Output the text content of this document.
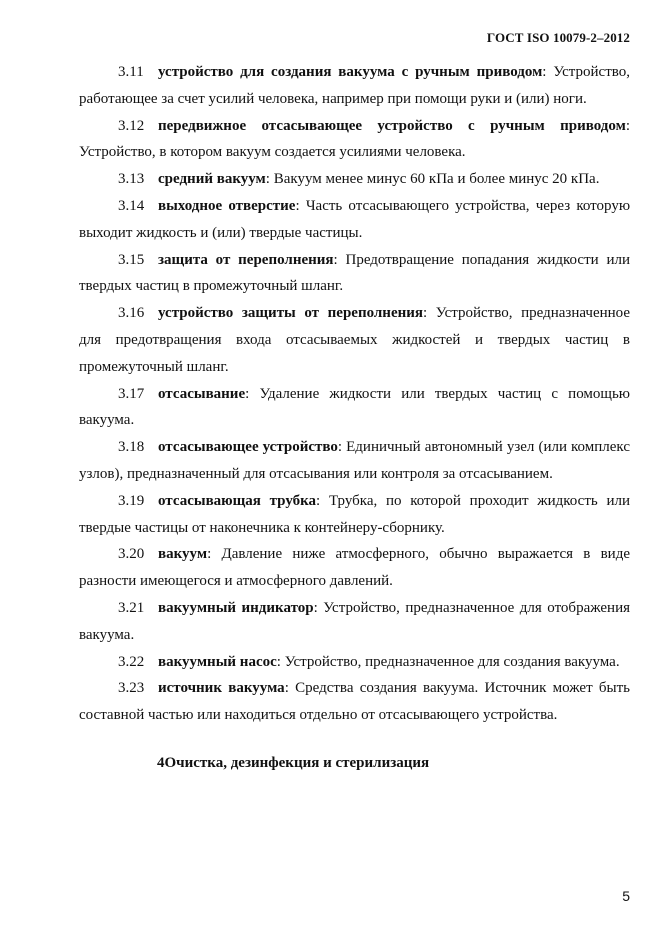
ГОСТ ISO 10079-2–2012

3.11 устройство для создания вакуума с ручным приводом: Устройство, работающее за счет усилий человека, например при помощи руки и (или) ноги.

3.12 передвижное отсасывающее устройство с ручным приводом: Устройство, в котором вакуум создается усилиями человека.

3.13 средний вакуум: Вакуум менее минус 60 кПа и более минус 20 кПа.

3.14 выходное отверстие: Часть отсасывающего устройства, через которую выходит жидкость и (или) твердые частицы.

3.15 защита от переполнения: Предотвращение попадания жидкости или твердых частиц в промежуточный шланг.

3.16 устройство защиты от переполнения: Устройство, предназначенное для предотвращения входа отсасываемых жидкостей и твердых частиц в промежуточный шланг.

3.17 отсасывание: Удаление жидкости или твердых частиц с помощью вакуума.

3.18 отсасывающее устройство: Единичный автономный узел (или комплекс узлов), предназначенный для отсасывания или контроля за отсасыванием.

3.19 отсасывающая трубка: Трубка, по которой проходит жидкость или твердые частицы от наконечника к контейнеру-сборнику.

3.20 вакуум: Давление ниже атмосферного, обычно выражается в виде разности имеющегося и атмосферного давлений.

3.21 вакуумный индикатор: Устройство, предназначенное для отображения вакуума.

3.22 вакуумный насос: Устройство, предназначенное для создания вакуума.

3.23 источник вакуума: Средства создания вакуума. Источник может быть составной частью или находиться отдельно от отсасывающего устройства.

4Очистка, дезинфекция и стерилизация

5
